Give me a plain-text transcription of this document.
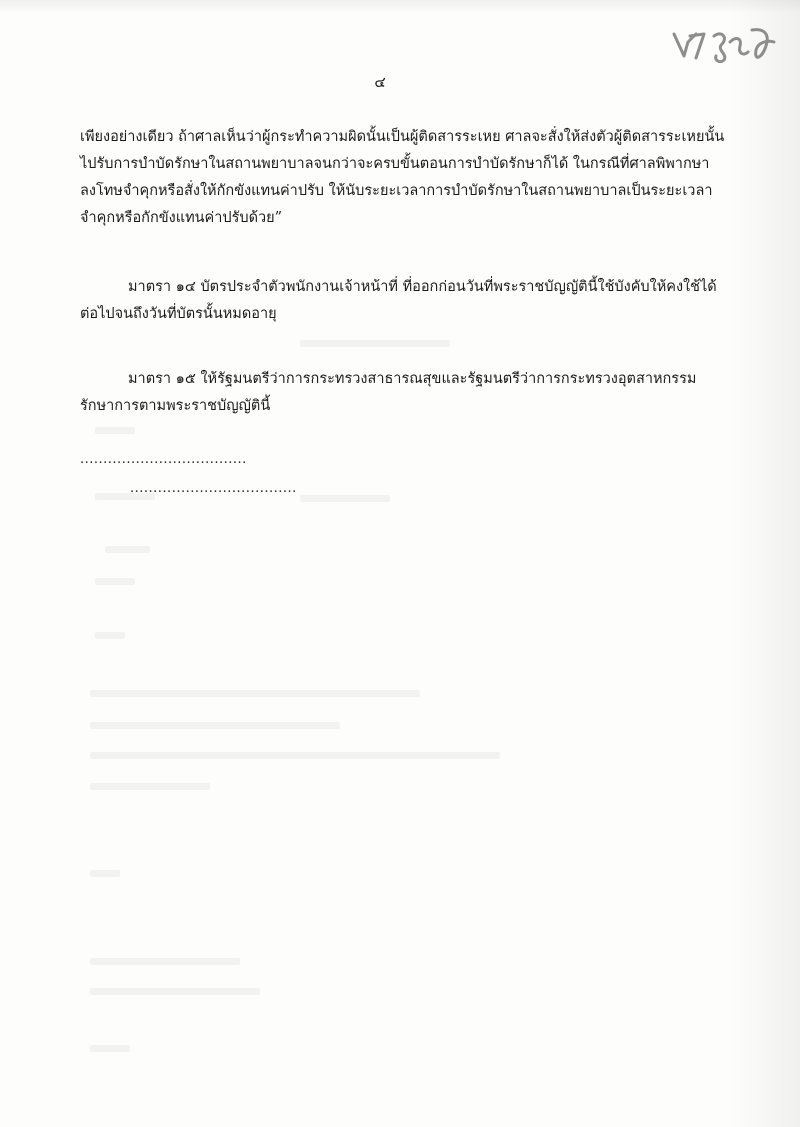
๔
เพียงอย่างเดียว ถ้าศาลเห็นว่าผู้กระทำความผิดนั้นเป็นผู้ติดสารระเหย ศาลจะสั่งให้ส่งตัวผู้ติดสารระเหยนั้น
ไปรับการบำบัดรักษาในสถานพยาบาลจนกว่าจะครบขั้นตอนการบำบัดรักษาก็ได้ ในกรณีที่ศาลพิพากษา
ลงโทษจำคุกหรือสั่งให้กักขังแทนค่าปรับ ให้นับระยะเวลาการบำบัดรักษาในสถานพยาบาลเป็นระยะเวลา
จำคุกหรือกักขังแทนค่าปรับด้วย”
มาตรา ๑๔ บัตรประจำตัวพนักงานเจ้าหน้าที่ ที่ออกก่อนวันที่พระราชบัญญัตินี้ใช้บังคับให้คงใช้ได้
ต่อไปจนถึงวันที่บัตรนั้นหมดอายุ
มาตรา ๑๕ ให้รัฐมนตรีว่าการกระทรวงสาธารณสุขและรัฐมนตรีว่าการกระทรวงอุตสาหกรรม
รักษาการตามพระราชบัญญัตินี้
....................................
....................................
